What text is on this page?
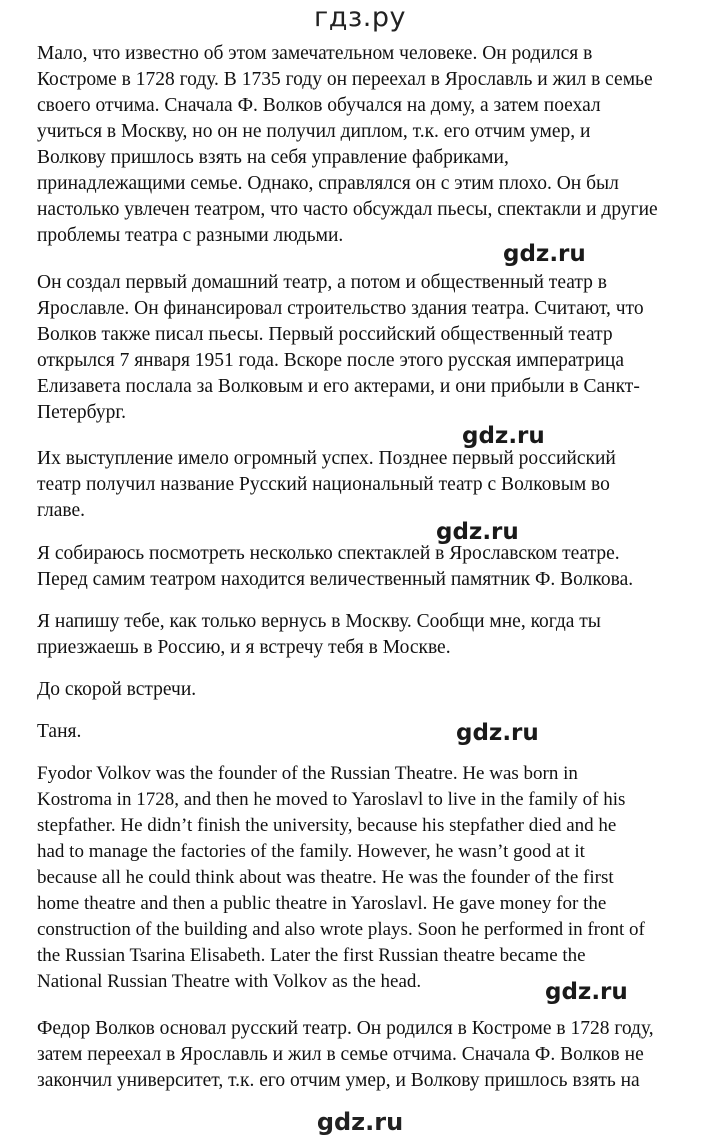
гдз.ру
Мало, что известно об этом замечательном человеке. Он родился в
Костроме в 1728 году. В 1735 году он переехал в Ярославль и жил в семье
своего отчима. Сначала Ф. Волков обучался на дому, а затем поехал
учиться в Москву, но он не получил диплом, т.к. его отчим умер, и
Волкову пришлось взять на себя управление фабриками,
принадлежащими семье. Однако, справлялся он с этим плохо. Он был
настолько увлечен театром, что часто обсуждал пьесы, спектакли и другие
проблемы театра с разными людьми.
gdz.ru
Он создал первый домашний театр, а потом и общественный театр в
Ярославле. Он финансировал строительство здания театра. Считают, что
Волков также писал пьесы. Первый российский общественный театр
открылся 7 января 1951 года. Вскоре после этого русская императрица
Елизавета послала за Волковым и его актерами, и они прибыли в Санкт-
Петербург.
gdz.ru
Их выступление имело огромный успех. Позднее первый российский
театр получил название Русский национальный театр с Волковым во
главе.
gdz.ru
Я собираюсь посмотреть несколько спектаклей в Ярославском театре.
Перед самим театром находится величественный памятник Ф. Волкова.
Я напишу тебе, как только вернусь в Москву. Сообщи мне, когда ты
приезжаешь в Россию, и я встречу тебя в Москве.
До скорой встречи.
Таня.	gdz.ru
Fyodor Volkov was the founder of the Russian Theatre. He was born in
Kostroma in 1728, and then he moved to Yaroslavl to live in the family of his
stepfather. He didn’t finish the university, because his stepfather died and he
had to manage the factories of the family. However, he wasn’t good at it
because all he could think about was theatre. He was the founder of the first
home theatre and then a public theatre in Yaroslavl. He gave money for the
construction of the building and also wrote plays. Soon he performed in front of
the Russian Tsarina Elisabeth. Later the first Russian theatre became the
National Russian Theatre with Volkov as the head.	gdz.ru
Федор Волков основал русский театр. Он родился в Костроме в 1728 году,
затем переехал в Ярославль и жил в семье отчима. Сначала Ф. Волков не
закончил университет, т.к. его отчим умер, и Волкову пришлось взять на
gdz.ru
